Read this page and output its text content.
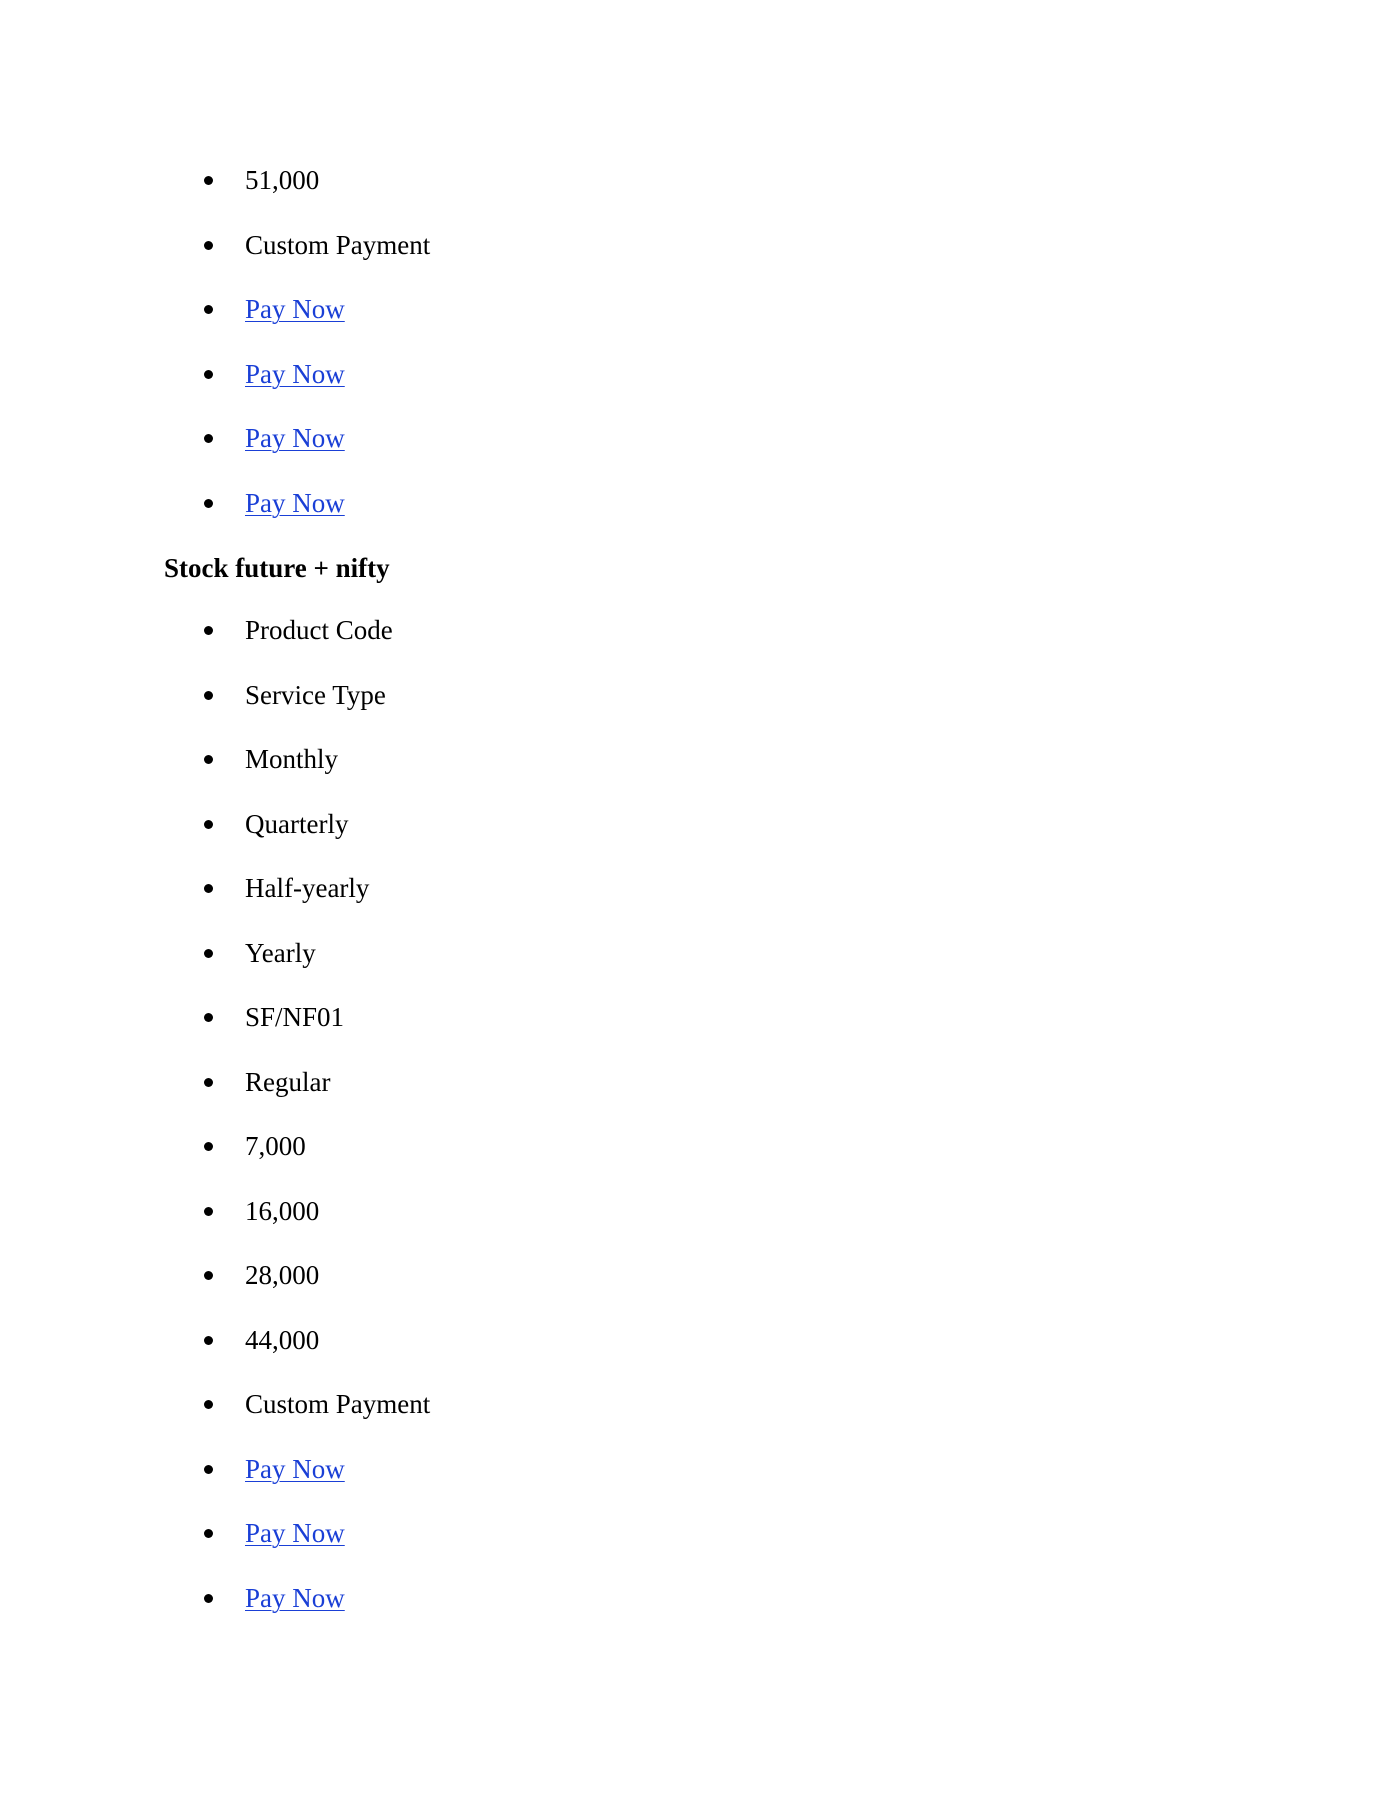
51,000
Custom Payment
Pay Now
Pay Now
Pay Now
Pay Now
Stock future + nifty
Product Code
Service Type
Monthly
Quarterly
Half-yearly
Yearly
SF/NF01
Regular
7,000
16,000
28,000
44,000
Custom Payment
Pay Now
Pay Now
Pay Now
